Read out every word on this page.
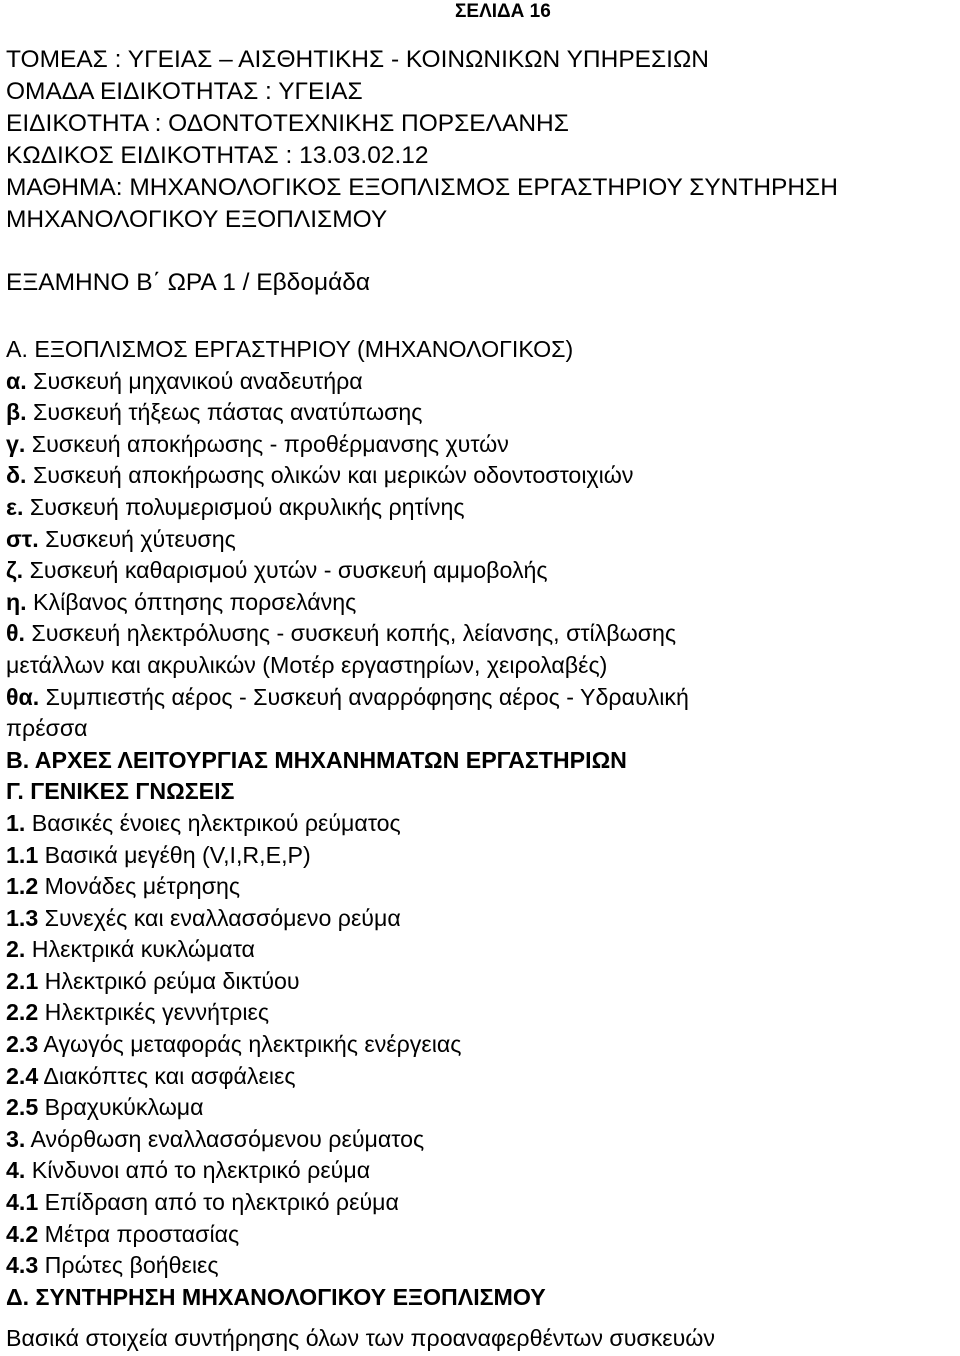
ΣΕΛΙΔΑ 16
ΤΟΜΕΑΣ : ΥΓΕΙΑΣ – ΑΙΣΘΗΤΙΚΗΣ - ΚΟΙΝΩΝΙΚΩΝ ΥΠΗΡΕΣΙΩΝ
ΟΜΑΔΑ ΕΙΔΙΚΟΤΗΤΑΣ : ΥΓΕΙΑΣ
ΕΙΔΙΚΟΤΗΤΑ : ΟΔΟΝΤΟΤΕΧΝΙΚΗΣ ΠΟΡΣΕΛΑΝΗΣ
ΚΩΔΙΚΟΣ ΕΙΔΙΚΟΤΗΤΑΣ : 13.03.02.12
ΜΑΘΗΜΑ: ΜΗΧΑΝΟΛΟΓΙΚΟΣ ΕΞΟΠΛΙΣΜΟΣ ΕΡΓΑΣΤΗΡΙΟΥ ΣΥΝΤΗΡΗΣΗ
ΜΗΧΑΝΟΛΟΓΙΚΟΥ ΕΞΟΠΛΙΣΜΟΥ
ΕΞΑΜΗΝΟ Β΄ ΩΡΑ 1 / Εβδομάδα
Α. ΕΞΟΠΛΙΣΜΟΣ ΕΡΓΑΣΤΗΡΙΟΥ (ΜΗΧΑΝΟΛΟΓΙΚΟΣ)
α. Συσκευή μηχανικού αναδευτήρα
β. Συσκευή τήξεως πάστας ανατύπωσης
γ. Συσκευή αποκήρωσης - προθέρμανσης χυτών
δ. Συσκευή αποκήρωσης ολικών και μερικών οδοντοστοιχιών
ε. Συσκευή πολυμερισμού ακρυλικής ρητίνης
στ. Συσκευή χύτευσης
ζ. Συσκευή καθαρισμού χυτών - συσκευή αμμοβολής
η. Κλίβανος όπτησης πορσελάνης
θ. Συσκευή ηλεκτρόλυσης - συσκευή κοπής, λείανσης, στίλβωσης
μετάλλων και ακρυλικών (Μοτέρ εργαστηρίων, χειρολαβές)
θα. Συμπιεστής αέρος - Συσκευή αναρρόφησης αέρος - Υδραυλική
πρέσσα
Β. ΑΡΧΕΣ ΛΕΙΤΟΥΡΓΙΑΣ ΜΗΧΑΝΗΜΑΤΩΝ ΕΡΓΑΣΤΗΡΙΩΝ
Γ. ΓΕΝΙΚΕΣ ΓΝΩΣΕΙΣ
1. Βασικές ένοιες ηλεκτρικού ρεύματος
1.1 Βασικά μεγέθη (V,I,R,E,P)
1.2 Μονάδες μέτρησης
1.3 Συνεχές και εναλλασσόμενο ρεύμα
2. Ηλεκτρικά κυκλώματα
2.1 Ηλεκτρικό ρεύμα δικτύου
2.2 Ηλεκτρικές γεννήτριες
2.3 Αγωγός μεταφοράς ηλεκτρικής ενέργειας
2.4 Διακόπτες και ασφάλειες
2.5 Βραχυκύκλωμα
3. Ανόρθωση εναλλασσόμενου ρεύματος
4. Κίνδυνοι από το ηλεκτρικό ρεύμα
4.1 Επίδραση από το ηλεκτρικό ρεύμα
4.2 Μέτρα προστασίας
4.3 Πρώτες βοήθειες
Δ. ΣΥΝΤΗΡΗΣΗ ΜΗΧΑΝΟΛΟΓΙΚΟΥ ΕΞΟΠΛΙΣΜΟΥ
Βασικά στοιχεία συντήρησης όλων των προαναφερθέντων συσκευών
